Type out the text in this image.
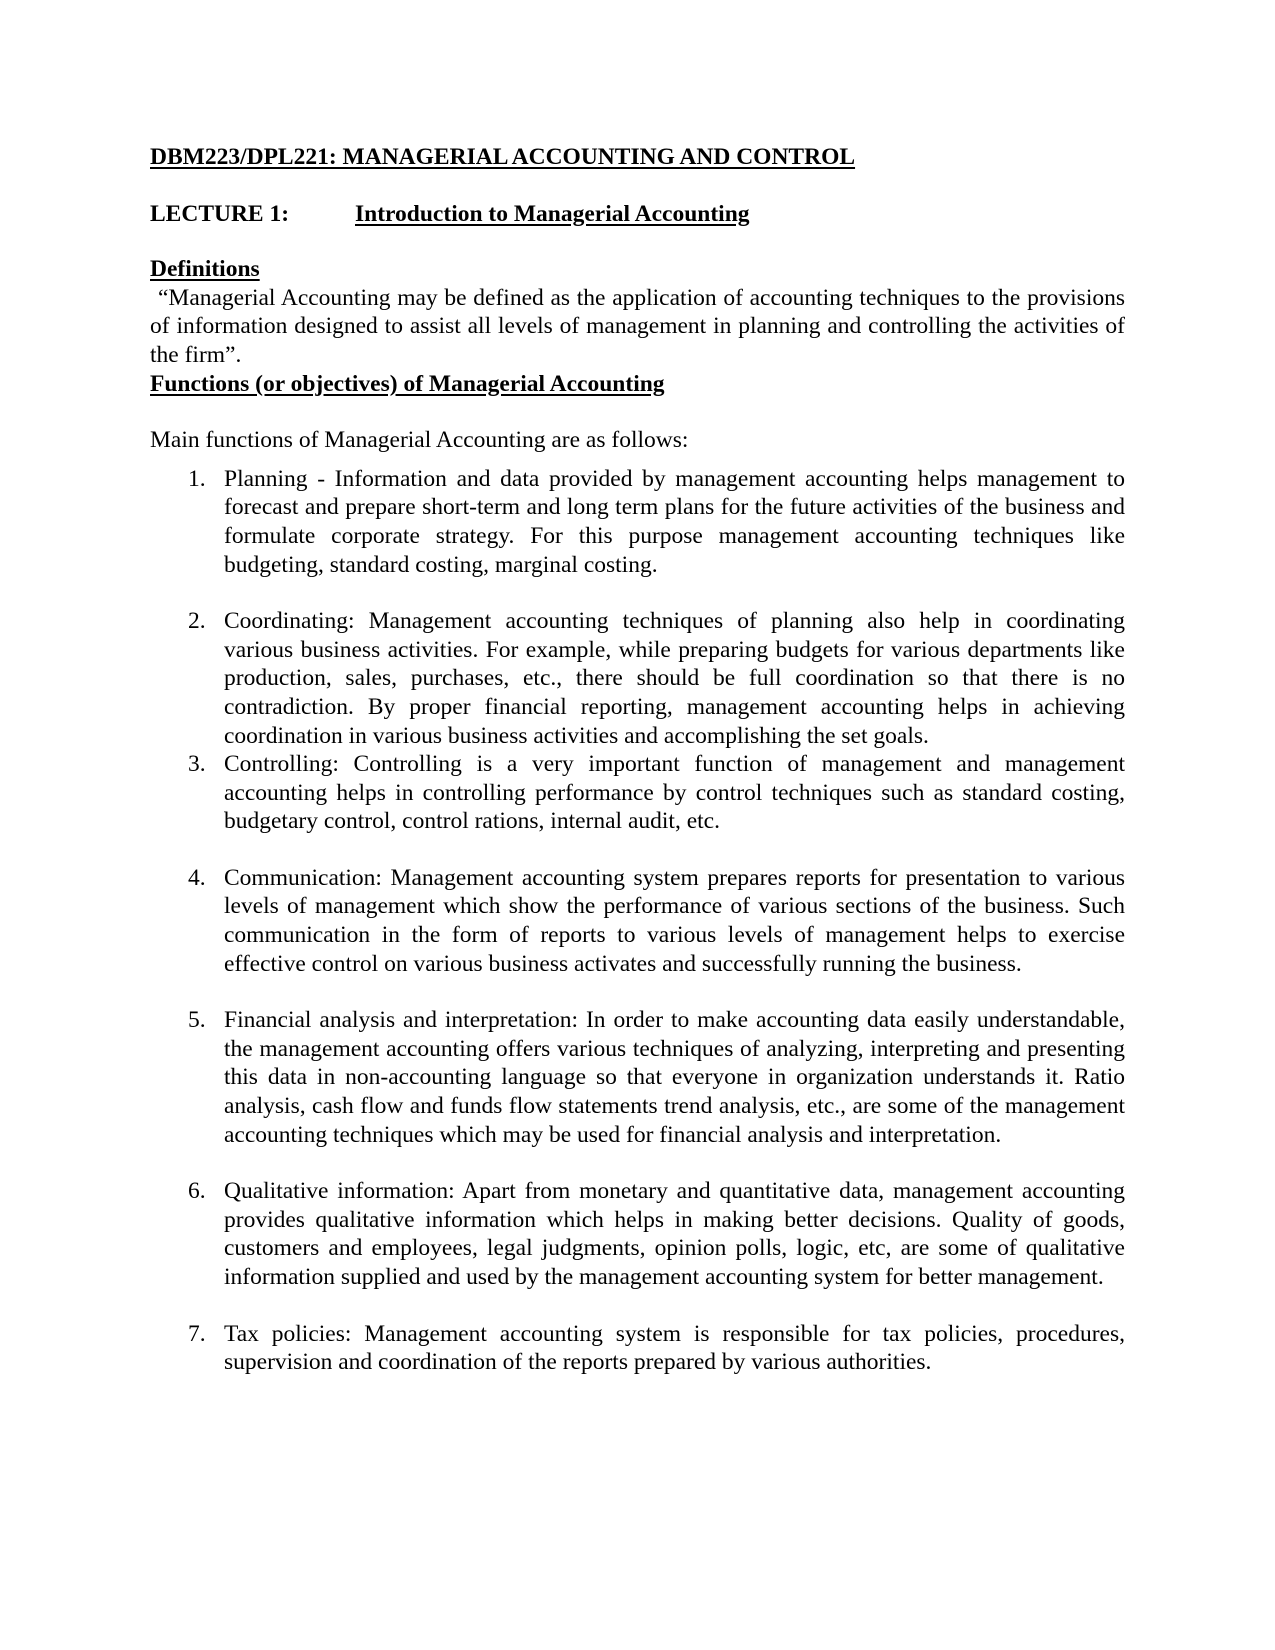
DBM223/DPL221: MANAGERIAL ACCOUNTING AND CONTROL

LECTURE 1:	Introduction to Managerial Accounting
Definitions
“Managerial Accounting may be defined as the application of accounting techniques to the provisions of information designed to assist all levels of management in planning and controlling the activities of the firm”.
Functions (or objectives) of Managerial Accounting
Main functions of Managerial Accounting are as follows:
1. Planning - Information and data provided by management accounting helps management to forecast and prepare short-term and long term plans for the future activities of the business and formulate corporate strategy. For this purpose management accounting techniques like budgeting, standard costing, marginal costing.
2. Coordinating: Management accounting techniques of planning also help in coordinating various business activities. For example, while preparing budgets for various departments like production, sales, purchases, etc., there should be full coordination so that there is no contradiction. By proper financial reporting, management accounting helps in achieving coordination in various business activities and accomplishing the set goals.
3. Controlling: Controlling is a very important function of management and management accounting helps in controlling performance by control techniques such as standard costing, budgetary control, control rations, internal audit, etc.
4. Communication: Management accounting system prepares reports for presentation to various levels of management which show the performance of various sections of the business. Such communication in the form of reports to various levels of management helps to exercise effective control on various business activates and successfully running the business.
5. Financial analysis and interpretation: In order to make accounting data easily understandable, the management accounting offers various techniques of analyzing, interpreting and presenting this data in non-accounting language so that everyone in organization understands it. Ratio analysis, cash flow and funds flow statements trend analysis, etc., are some of the management accounting techniques which may be used for financial analysis and interpretation.
6. Qualitative information: Apart from monetary and quantitative data, management accounting provides qualitative information which helps in making better decisions. Quality of goods, customers and employees, legal judgments, opinion polls, logic, etc, are some of qualitative information supplied and used by the management accounting system for better management.
7. Tax policies: Management accounting system is responsible for tax policies, procedures, supervision and coordination of the reports prepared by various authorities.
